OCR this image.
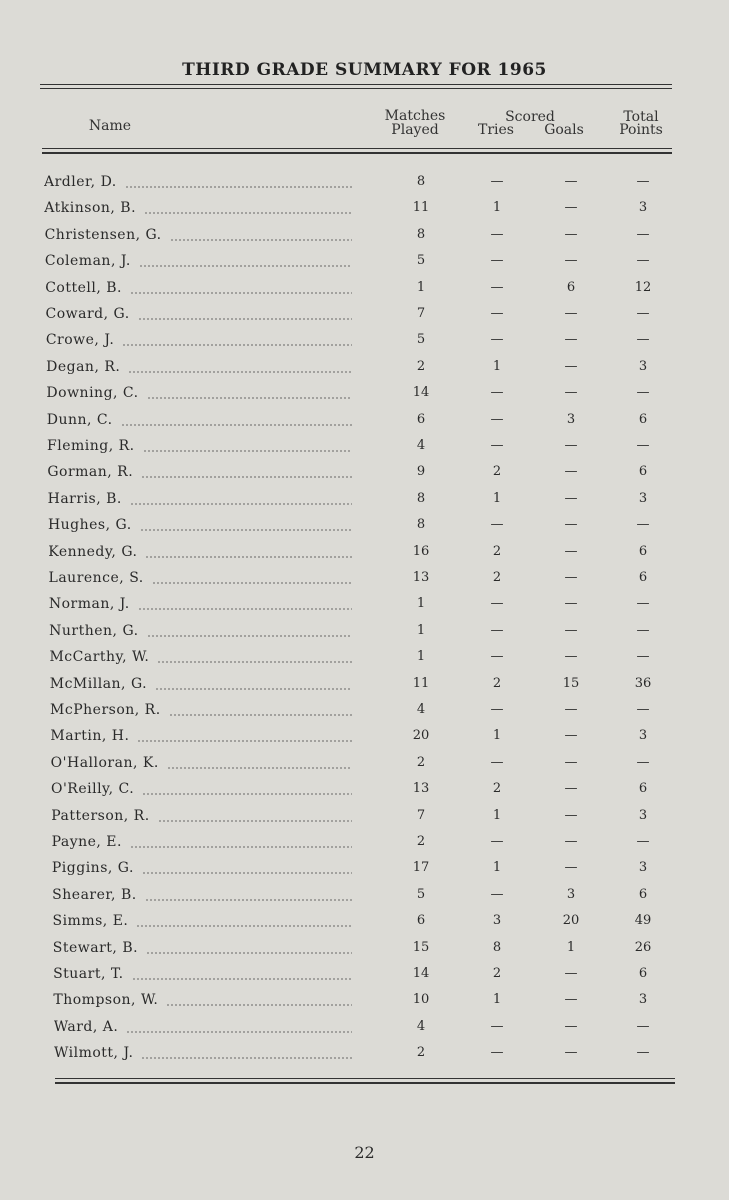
THIRD GRADE SUMMARY FOR 1965
Name
Matches
Played
Scored
Tries	Goals
Total
Points
Ardler, D.	8	—	—	—
Atkinson, B.	11	1	—	3
Christensen, G.	8	—	—	—
Coleman, J.	5	—	—	—
Cottell, B.	1	—	6	12
Coward, G.	7	—	—	—
Crowe, J.	5	—	—	—
Degan, R.	2	1	—	3
Downing, C.	14	—	—	—
Dunn, C.	6	—	3	6
Fleming, R.	4	—	—	—
Gorman, R.	9	2	—	6
Harris, B.	8	1	—	3
Hughes, G.	8	—	—	—
Kennedy, G.	16	2	—	6
Laurence, S.	13	2	—	6
Norman, J.	1	—	—	—
Nurthen, G.	1	—	—	—
McCarthy, W.	1	—	—	—
McMillan, G.	11	2	15	36
McPherson, R.	4	—	—	—
Martin, H.	20	1	—	3
O'Halloran, K.	2	—	—	—
O'Reilly, C.	13	2	—	6
Patterson, R.	7	1	—	3
Payne, E.	2	—	—	—
Piggins, G.	17	1	—	3
Shearer, B.	5	—	3	6
Simms, E.	6	3	20	49
Stewart, B.	15	8	1	26
Stuart, T.	14	2	—	6
Thompson, W.	10	1	—	3
Ward, A.	4	—	—	—
Wilmott, J.	2	—	—	—
22
